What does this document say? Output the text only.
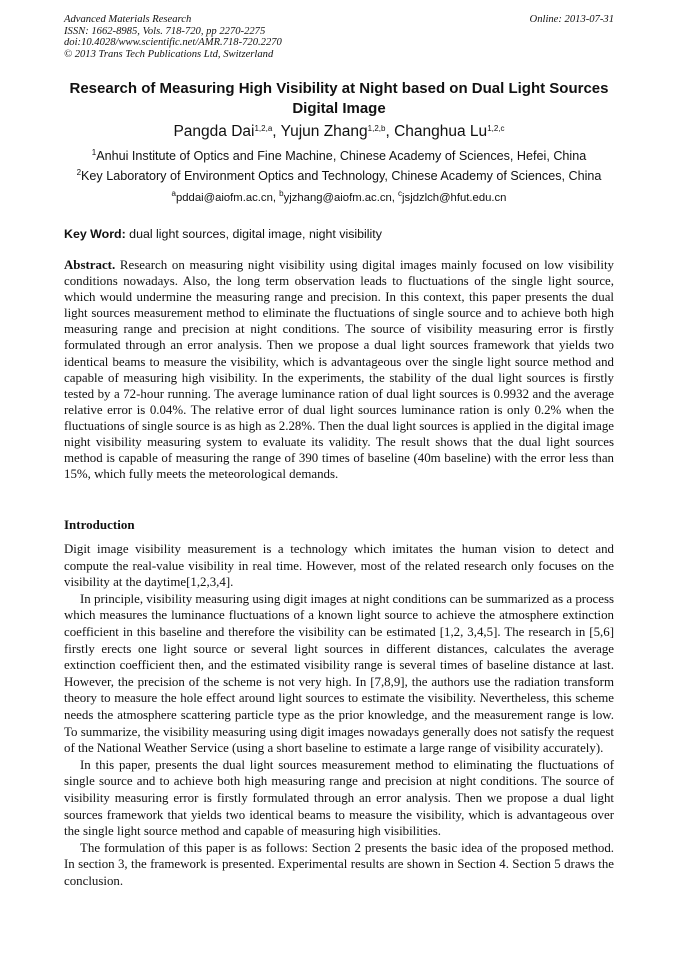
Advanced Materials Research
ISSN: 1662-8985, Vols. 718-720, pp 2270-2275
doi:10.4028/www.scientific.net/AMR.718-720.2270
© 2013 Trans Tech Publications Ltd, Switzerland
Online: 2013-07-31
Research of Measuring High Visibility at Night based on Dual Light Sources Digital Image
Pangda Dai$^{1,2,a}$, Yujun Zhang$^{1,2,b}$, Changhua Lu$^{1,2,c}$
$^1$Anhui Institute of Optics and Fine Machine, Chinese Academy of Sciences, Hefei, China
$^2$Key Laboratory of Environment Optics and Technology, Chinese Academy of Sciences, China
$^a$pddai@aiofm.ac.cn, $^b$yjzhang@aiofm.ac.cn, $^c$jsjdzlch@hfut.edu.cn
Key Word: dual light sources, digital image, night visibility
Abstract. Research on measuring night visibility using digital images mainly focused on low visibility conditions nowadays. Also, the long term observation leads to fluctuations of the single light source, which would undermine the measuring range and precision. In this context, this paper presents the dual light sources measurement method to eliminate the fluctuations of single source and to achieve both high measuring range and precision at night conditions. The source of visibility measuring error is firstly formulated through an error analysis. Then we propose a dual light sources framework that yields two identical beams to measure the visibility, which is advantageous over the single light source method and capable of measuring high visibility. In the experiments, the stability of the dual light sources is firstly tested by a 72-hour running. The average luminance ration of dual light sources is 0.9932 and the average relative error is 0.04%. The relative error of dual light sources luminance ration is only 0.2% when the fluctuations of single source is as high as 2.28%. Then the dual light sources is applied in the digital image night visibility measuring system to evaluate its validity. The result shows that the dual light sources method is capable of measuring the range of 390 times of baseline (40m baseline) with the error less than 15%, which fully meets the meteorological demands.
Introduction

Digit image visibility measurement is a technology which imitates the human vision to detect and compute the real-value visibility in real time. However, most of the related research only focuses on the visibility at the daytime[1,2,3,4].

In principle, visibility measuring using digit images at night conditions can be summarized as a process which measures the luminance fluctuations of a known light source to achieve the atmosphere extinction coefficient in this baseline and therefore the visibility can be estimated [1,2, 3,4,5]. The research in [5,6] firstly erects one light source or several light sources in different distances, calculates the average extinction coefficient then, and the estimated visibility range is several times of baseline distance at last. However, the precision of the scheme is not very high. In [7,8,9], the authors use the radiation transform theory to measure the hole effect around light sources to estimate the visibility. Nevertheless, this scheme needs the atmosphere scattering particle type as the prior knowledge, and the measurement range is low. To summarize, the visibility measuring using digit images nowadays generally does not satisfy the request of the National Weather Service (using a short baseline to estimate a large range of visibility accurately).

In this paper, presents the dual light sources measurement method to eliminating the fluctuations of single source and to achieve both high measuring range and precision at night conditions. The source of visibility measuring error is firstly formulated through an error analysis. Then we propose a dual light sources framework that yields two identical beams to measure the visibility, which is advantageous over the single light source method and capable of measuring high visibilities.

The formulation of this paper is as follows: Section 2 presents the basic idea of the proposed method. In section 3, the framework is presented. Experimental results are shown in Section 4. Section 5 draws the conclusion.
